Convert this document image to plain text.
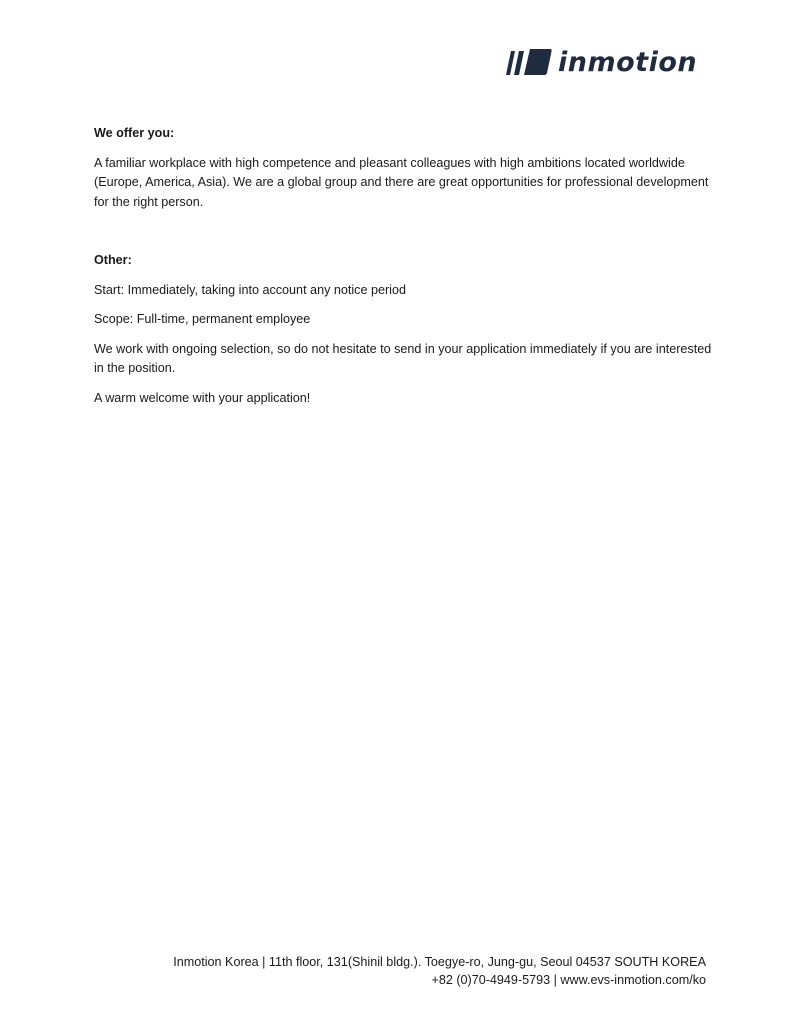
inmotion

We offer you:

A familiar workplace with high competence and pleasant colleagues with high ambitions located worldwide (Europe, America, Asia). We are a global group and there are great opportunities for professional development for the right person.

Other:

Start: Immediately, taking into account any notice period

Scope: Full-time, permanent employee

We work with ongoing selection, so do not hesitate to send in your application immediately if you are interested in the position.

A warm welcome with your application!

Inmotion Korea | 11th floor, 131(Shinil bldg.). Toegye-ro, Jung-gu, Seoul 04537 SOUTH KOREA
+82 (0)70-4949-5793 | www.evs-inmotion.com/ko
